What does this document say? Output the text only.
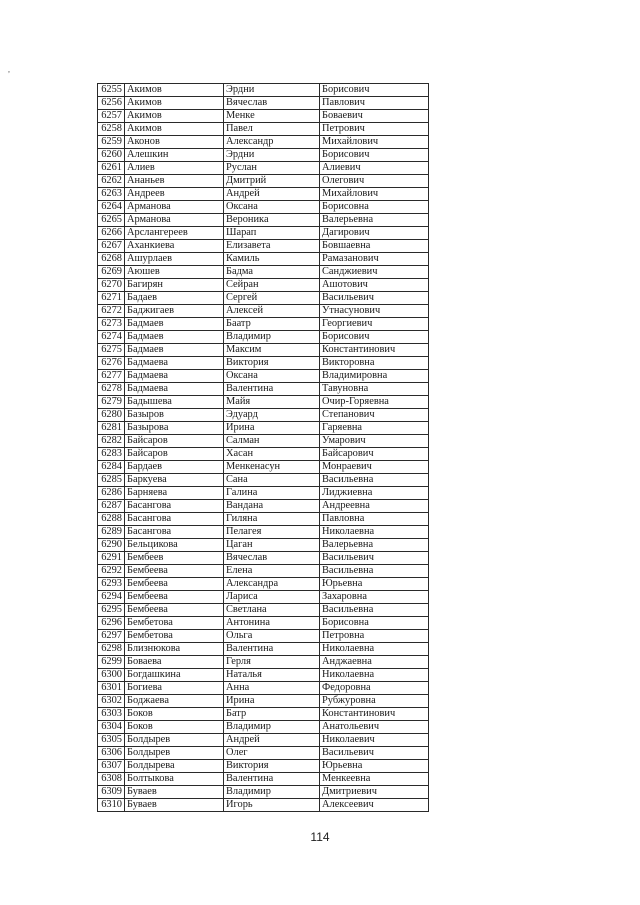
,
6255	Акимов	Эрдни	Борисович
6256	Акимов	Вячеслав	Павлович
6257	Акимов	Менке	Боваевич
6258	Акимов	Павел	Петрович
6259	Аконов	Александр	Михайлович
6260	Алешкин	Эрдни	Борисович
6261	Алиев	Руслан	Алиевич
6262	Ананьев	Дмитрий	Олегович
6263	Андреев	Андрей	Михайлович
6264	Арманова	Оксана	Борисовна
6265	Арманова	Вероника	Валерьевна
6266	Арслангереев	Шарап	Дагирович
6267	Аханкиева	Елизавета	Бовшаевна
6268	Ашурлаев	Камиль	Рамазанович
6269	Аюшев	Бадма	Санджиевич
6270	Багирян	Сейран	Ашотович
6271	Бадаев	Сергей	Васильевич
6272	Баджигаев	Алексей	Утнасунович
6273	Бадмаев	Баатр	Георгиевич
6274	Бадмаев	Владимир	Борисович
6275	Бадмаев	Максим	Константинович
6276	Бадмаева	Виктория	Викторовна
6277	Бадмаева	Оксана	Владимировна
6278	Бадмаева	Валентина	Тавуновна
6279	Бадышева	Майя	Очир-Горяевна
6280	Базыров	Эдуард	Степанович
6281	Базырова	Ирина	Гаряевна
6282	Байсаров	Салман	Умарович
6283	Байсаров	Хасан	Байсарович
6284	Бардаев	Менкенасун	Монраевич
6285	Баркуева	Сана	Васильевна
6286	Барняева	Галина	Лиджиевна
6287	Басангова	Вандана	Андреевна
6288	Басангова	Гиляна	Павловна
6289	Басангова	Пелагея	Николаевна
6290	Бельцикова	Цаган	Валерьевна
6291	Бембеев	Вячеслав	Васильевич
6292	Бембеева	Елена	Васильевна
6293	Бембеева	Александра	Юрьевна
6294	Бембеева	Лариса	Захаровна
6295	Бембеева	Светлана	Васильевна
6296	Бембетова	Антонина	Борисовна
6297	Бембетова	Ольга	Петровна
6298	Близнюкова	Валентина	Николаевна
6299	Боваева	Герля	Анджаевна
6300	Богдашкина	Наталья	Николаевна
6301	Богиева	Анна	Федоровна
6302	Боджаева	Ирина	Рубжуровна
6303	Боков	Батр	Константинович
6304	Боков	Владимир	Анатольевич
6305	Болдырев	Андрей	Николаевич
6306	Болдырев	Олег	Васильевич
6307	Болдырева	Виктория	Юрьевна
6308	Болтыкова	Валентина	Менкеевна
6309	Буваев	Владимир	Дмитриевич
6310	Буваев	Игорь	Алексеевич
114
